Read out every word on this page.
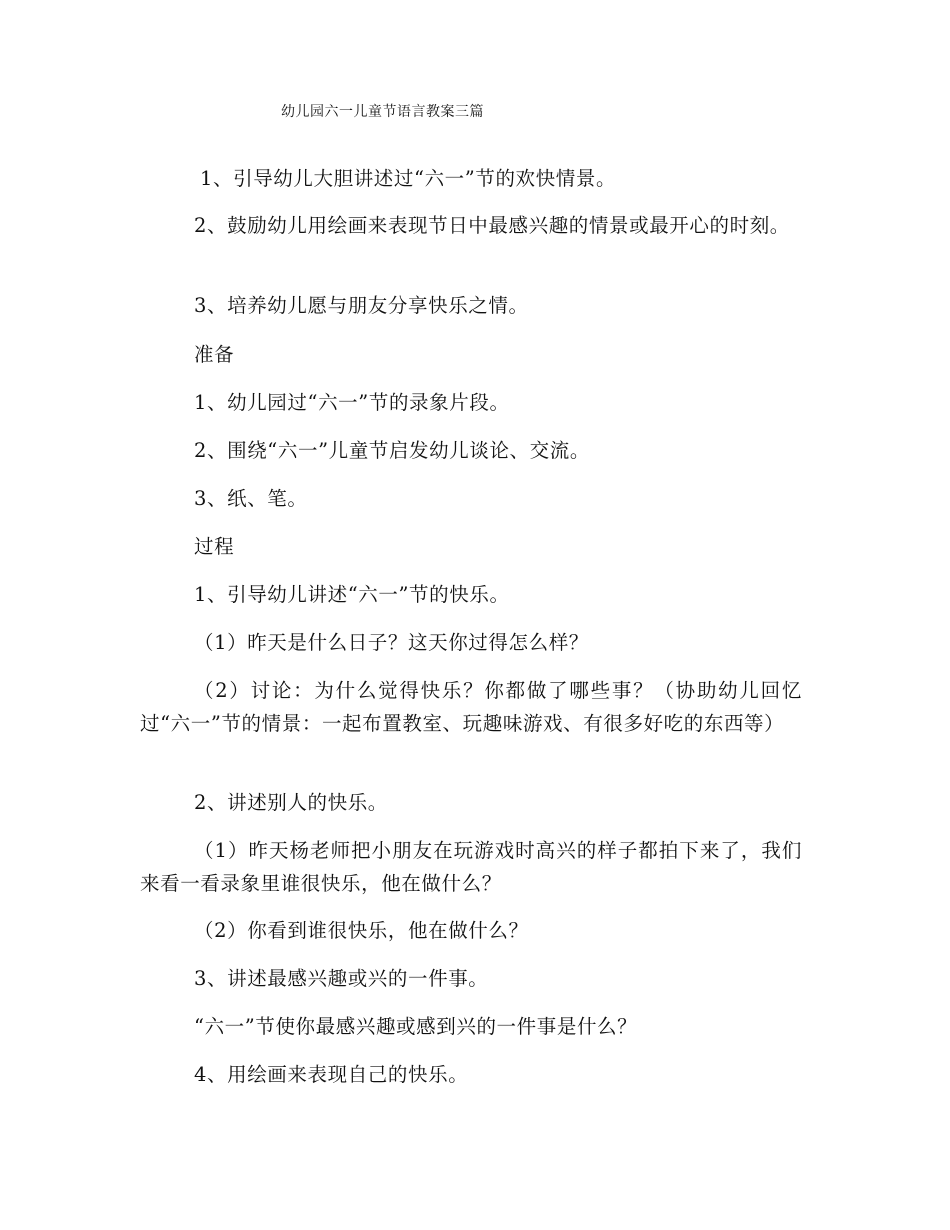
幼儿园六一儿童节语言教案三篇

1、引导幼儿大胆讲述过“六一”节的欢快情景。

2、鼓励幼儿用绘画来表现节日中最感兴趣的情景或最开心的时刻。

3、培养幼儿愿与朋友分享快乐之情。

准备

1、幼儿园过“六一”节的录象片段。

2、围绕“六一”儿童节启发幼儿谈论、交流。

3、纸、笔。

过程

1、引导幼儿讲述“六一”节的快乐。

（1）昨天是什么日子？这天你过得怎么样？

（2）讨论：为什么觉得快乐？你都做了哪些事？（协助幼儿回忆过“六一”节的情景：一起布置教室、玩趣味游戏、有很多好吃的东西等）

2、讲述别人的快乐。

（1）昨天杨老师把小朋友在玩游戏时高兴的样子都拍下来了，我们来看一看录象里谁很快乐，他在做什么？

（2）你看到谁很快乐，他在做什么？

3、讲述最感兴趣或兴的一件事。

“六一”节使你最感兴趣或感到兴的一件事是什么？

4、用绘画来表现自己的快乐。
